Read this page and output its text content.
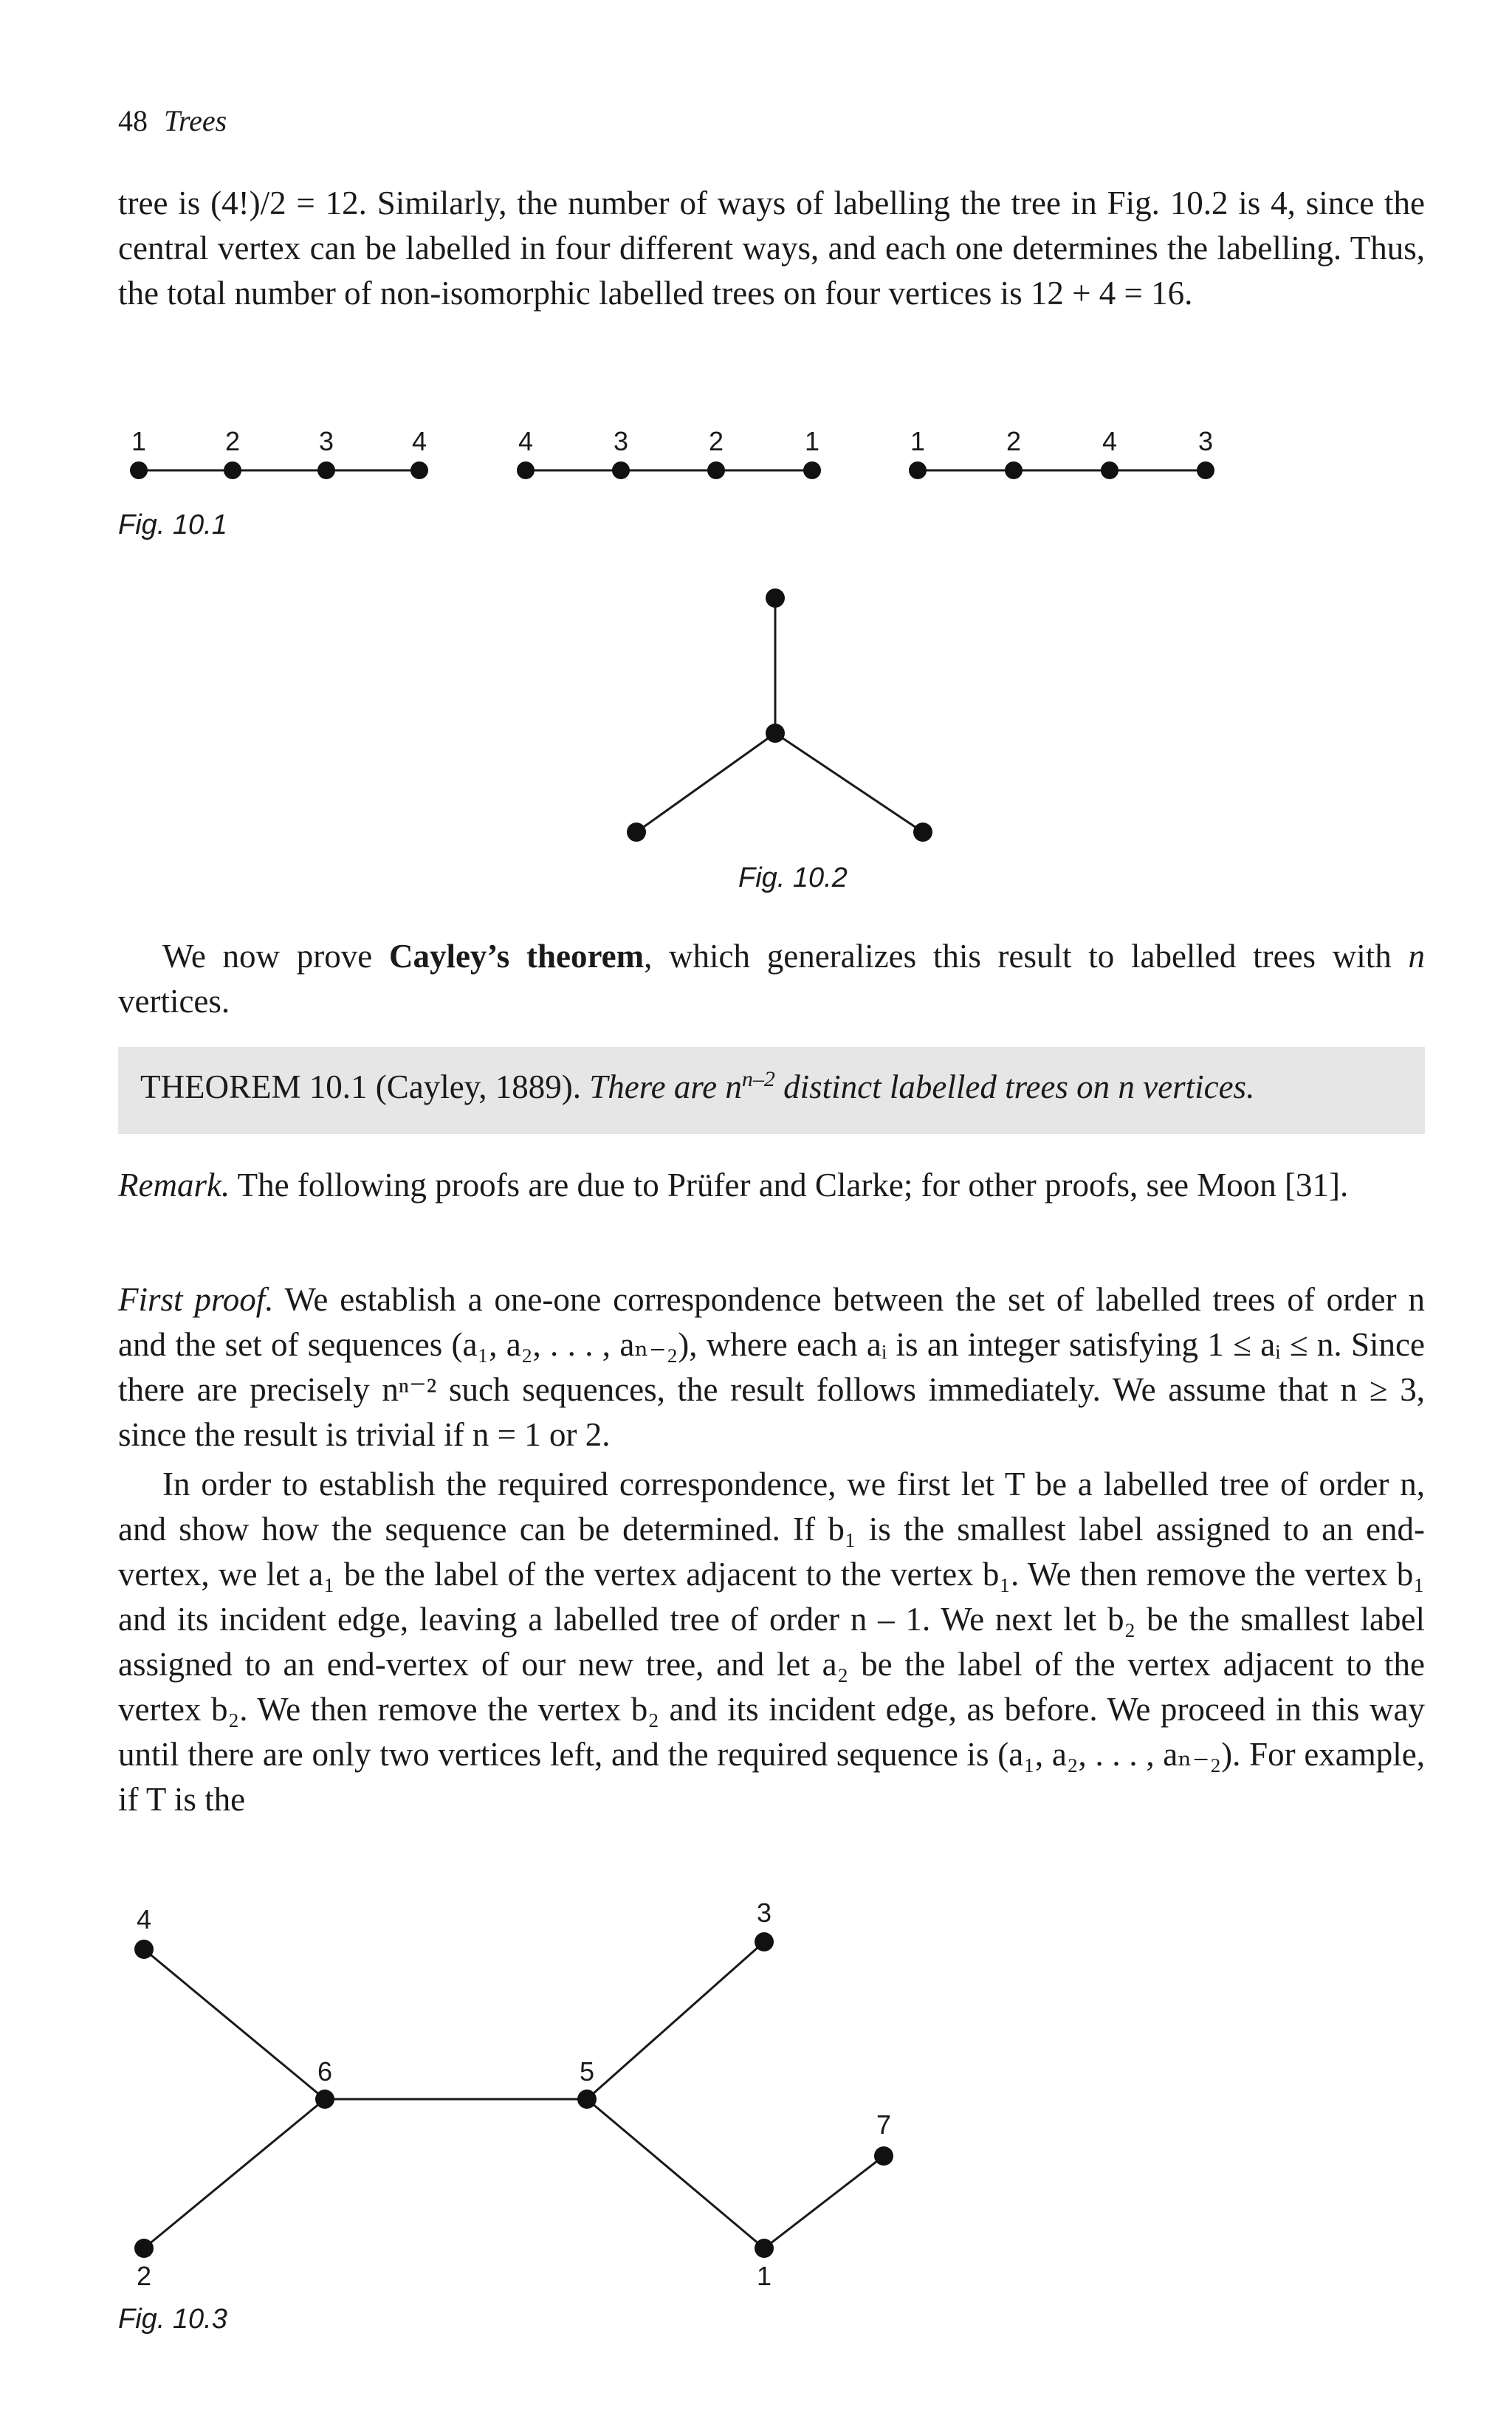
48 Trees
tree is (4!)/2 = 12. Similarly, the number of ways of labelling the tree in Fig. 10.2 is 4, since the central vertex can be labelled in four different ways, and each one determines the labelling. Thus, the total number of non-isomorphic labelled trees on four vertices is 12 + 4 = 16.
1	2	3	4	4	3	2	1	1	2	4	3
4
6	5
3
7
2	1
Fig. 10.1
Fig. 10.2
We now prove Cayley’s theorem, which generalizes this result to labelled trees with n vertices.
THEOREM 10.1 (Cayley, 1889). There are $n^{n-2}$ distinct labelled trees on n vertices.
Remark. The following proofs are due to Prüfer and Clarke; for other proofs, see Moon [31].
First proof. We establish a one-one correspondence between the set of labelled trees of order n and the set of sequences (a₁, a₂, . . . , aₙ₋₂), where each aᵢ is an integer satisfying 1 ≤ aᵢ ≤ n. Since there are precisely nⁿ⁻² such sequences, the result follows immediately. We assume that n ≥ 3, since the result is trivial if n = 1 or 2.
In order to establish the required correspondence, we first let T be a labelled tree of order n, and show how the sequence can be determined. If b₁ is the smallest label assigned to an end-vertex, we let a₁ be the label of the vertex adjacent to the vertex b₁. We then remove the vertex b₁ and its incident edge, leaving a labelled tree of order n – 1. We next let b₂ be the smallest label assigned to an end-vertex of our new tree, and let a₂ be the label of the vertex adjacent to the vertex b₂. We then remove the vertex b₂ and its incident edge, as before. We proceed in this way until there are only two vertices left, and the required sequence is (a₁, a₂, . . . , aₙ₋₂). For example, if T is the
Fig. 10.3
